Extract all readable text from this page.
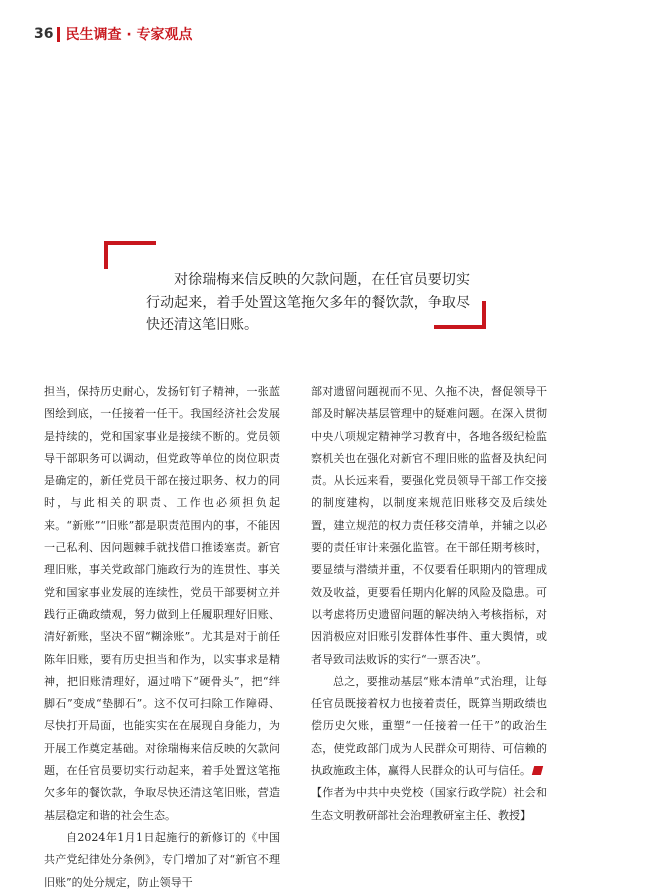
36 民生调查 · 专家观点

对徐瑞梅来信反映的欠款问题，在任官员要切实行动起来，着手处置这笔拖欠多年的餐饮款，争取尽快还清这笔旧账。

担当，保持历史耐心，发扬钉钉子精神，一张蓝图绘到底，一任接着一任干。我国经济社会发展是持续的，党和国家事业是接续不断的。党员领导干部职务可以调动，但党政等单位的岗位职责是确定的，新任党员干部在接过职务、权力的同时，与此相关的职责、工作也必须担负起来。“新账”“旧账”都是职责范围内的事，不能因一己私利、因问题棘手就找借口推诿塞责。新官理旧账，事关党政部门施政行为的连贯性、事关党和国家事业发展的连续性，党员干部要树立并践行正确政绩观，努力做到上任履职理好旧账、清好新账，坚决不留“糊涂账”。尤其是对于前任陈年旧账，要有历史担当和作为，以实事求是精神，把旧账清理好，逼过啃下“硬骨头”，把“绊脚石”变成“垫脚石”。这不仅可扫除工作障碍、尽快打开局面，也能实实在在展现自身能力，为开展工作奠定基础。对徐瑞梅来信反映的欠款问题，在任官员要切实行动起来，着手处置这笔拖欠多年的餐饮款，争取尽快还清这笔旧账，营造基层稳定和谐的社会生态。

自2024年1月1日起施行的新修订的《中国共产党纪律处分条例》，专门增加了对“新官不理旧账”的处分规定，防止领导干

部对遗留问题视而不见、久拖不决，督促领导干部及时解决基层管理中的疑难问题。在深入贯彻中央八项规定精神学习教育中，各地各级纪检监察机关也在强化对新官不理旧账的监督及执纪问责。从长远来看，要强化党员领导干部工作交接的制度建构，以制度来规范旧账移交及后续处置，建立规范的权力责任移交清单，并辅之以必要的责任审计来强化监管。在干部任期考核时，要显绩与潜绩并重，不仅要看任职期内的管理成效及收益，更要看任期内化解的风险及隐患。可以考虑将历史遗留问题的解决纳入考核指标，对因消极应对旧账引发群体性事件、重大舆情，或者导致司法败诉的实行“一票否决”。

总之，要推动基层“账本清单”式治理，让每任官员既接着权力也接着责任，既算当期政绩也偿历史欠账，重塑“一任接着一任干”的政治生态，使党政部门成为人民群众可期待、可信赖的执政施政主体，赢得人民群众的认可与信任。

【作者为中共中央党校（国家行政学院）社会和生态文明教研部社会治理教研室主任、教授】
